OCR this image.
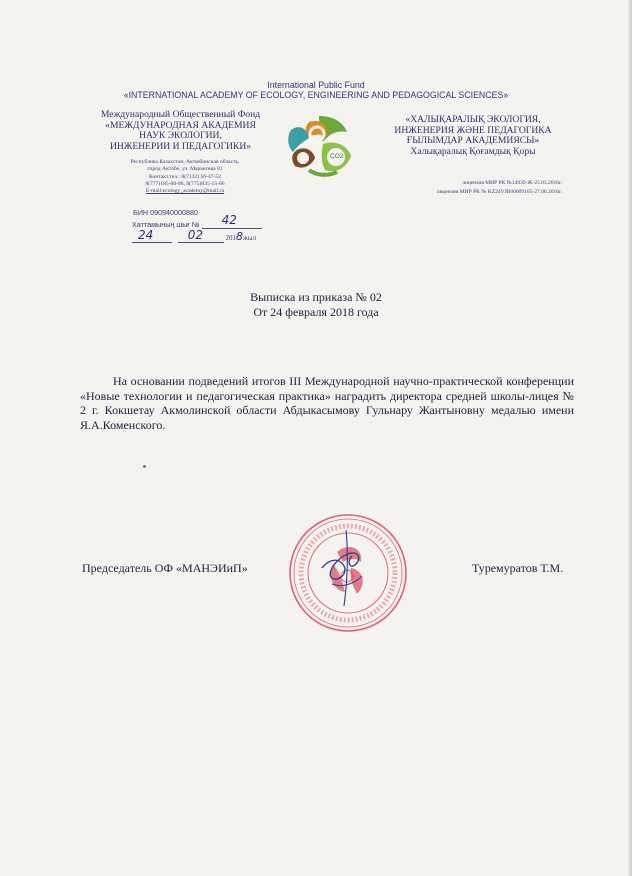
International Public Fund
«INTERNATIONAL ACADEMY OF ECOLOGY, ENGINEERING AND PEDAGOGICAL SCIENCES»
Международный Общественный Фонд
«МЕЖДУНАРОДНАЯ АКАДЕМИЯ
НАУК ЭКОЛОГИИ,
ИНЖЕНЕРИИ И ПЕДАГОГИКИ»
«ХАЛЫҚАРАЛЫҚ ЭКОЛОГИЯ,
ИНЖЕНЕРИЯ ЖӘНЕ ПЕДАГОГИКА
ҒЫЛЫМДАР АКАДЕМИЯСЫ»
Халықаралық Қоғамдық Қоры
CO2
Республика Казахстан, Актюбинская область,
город Актобе, ул. Марьесева 81
Контакт.тел.: 8(7132) 56-47-52
8(777)185-06-86, 8(775)835-15-66
E-mail:ecology_academy@mail.ru
лицензия МИР РК №14939-Ж-25.03.2016г.
лицензия МИР РК № KZ24VJB00009105-27.06.2016г.
БИН 090940000880
Хаттамының шығ № 42
24
	02	2018жыл
Выписка из приказа № 02
От 24 февраля 2018 года

На основании подведений итогов III Международной научно-практической конференции «Новые технологии и педагогическая практика» наградить директора средней школы-лицея № 2 г. Кокшетау Акмолинской области Абдыкасымову Гульнару Жантыновну медалью имени Я.А.Коменского.

Председатель ОФ «МАНЭИиП»	Туремуратов Т.М.
